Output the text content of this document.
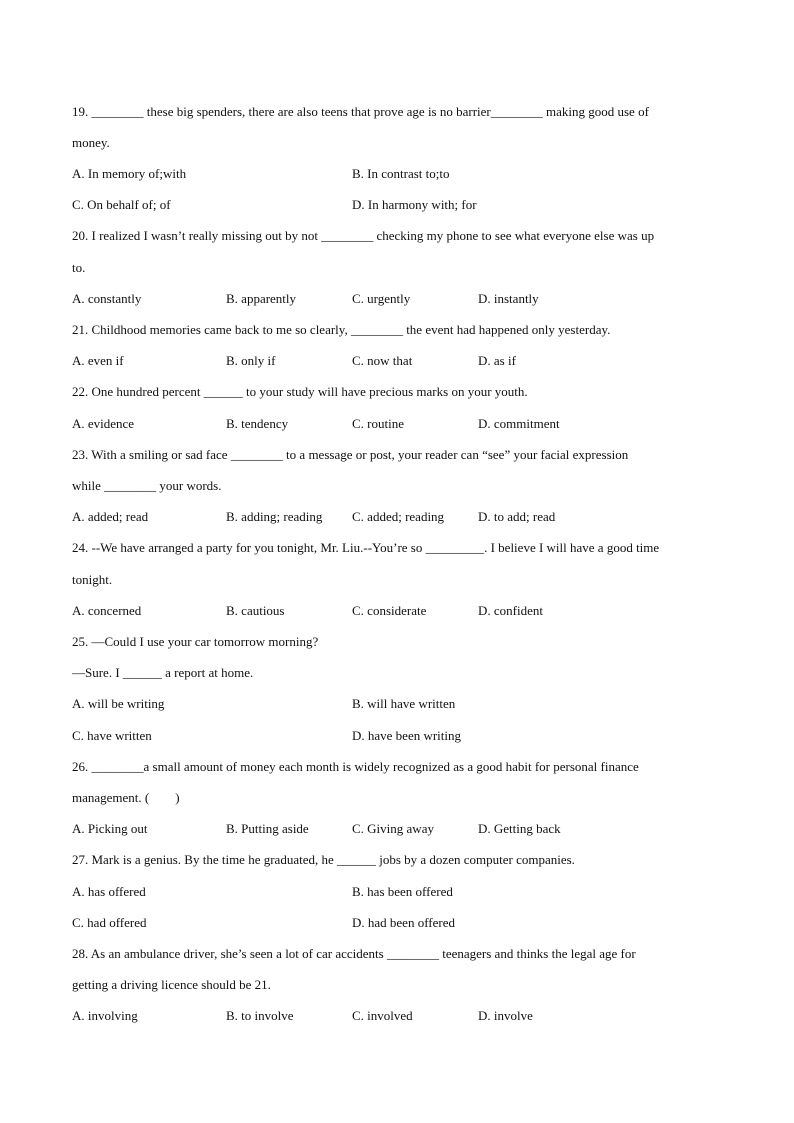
19. ________ these big spenders, there are also teens that prove age is no barrier________ making good use of
money.
A. In memory of;with	B. In contrast to;to
C. On behalf of; of	D. In harmony with; for
20. I realized I wasn’t really missing out by not ________ checking my phone to see what everyone else was up
to.
A. constantly	B. apparently	C. urgently	D. instantly
21. Childhood memories came back to me so clearly, ________ the event had happened only yesterday.
A. even if	B. only if	C. now that	D. as if
22. One hundred percent ______ to your study will have precious marks on your youth.
A. evidence	B. tendency	C. routine	D. commitment
23. With a smiling or sad face ________ to a message or post, your reader can “see” your facial expression
while ________ your words.
A. added; read	B. adding; reading C. added; reading	D. to add; read
24. --We have arranged a party for you tonight, Mr. Liu.--You’re so _________. I believe I will have a good time
tonight.
A. concerned	B. cautious	C. considerate	D. confident
25. —Could I use your car tomorrow morning?
—Sure. I ______ a report at home.
A. will be writing	B. will have written
C. have written	D. have been writing
26. ________a small amount of money each month is widely recognized as a good habit for personal finance
management. (　　)
A. Picking out	B. Putting aside	C. Giving away	D. Getting back
27. Mark is a genius. By the time he graduated, he ______ jobs by a dozen computer companies.
A. has offered	B. has been offered
C. had offered	D. had been offered
28. As an ambulance driver, she’s seen a lot of car accidents ________ teenagers and thinks the legal age for
getting a driving licence should be 21.
A. involving	B. to involve	C. involved	D. involve
